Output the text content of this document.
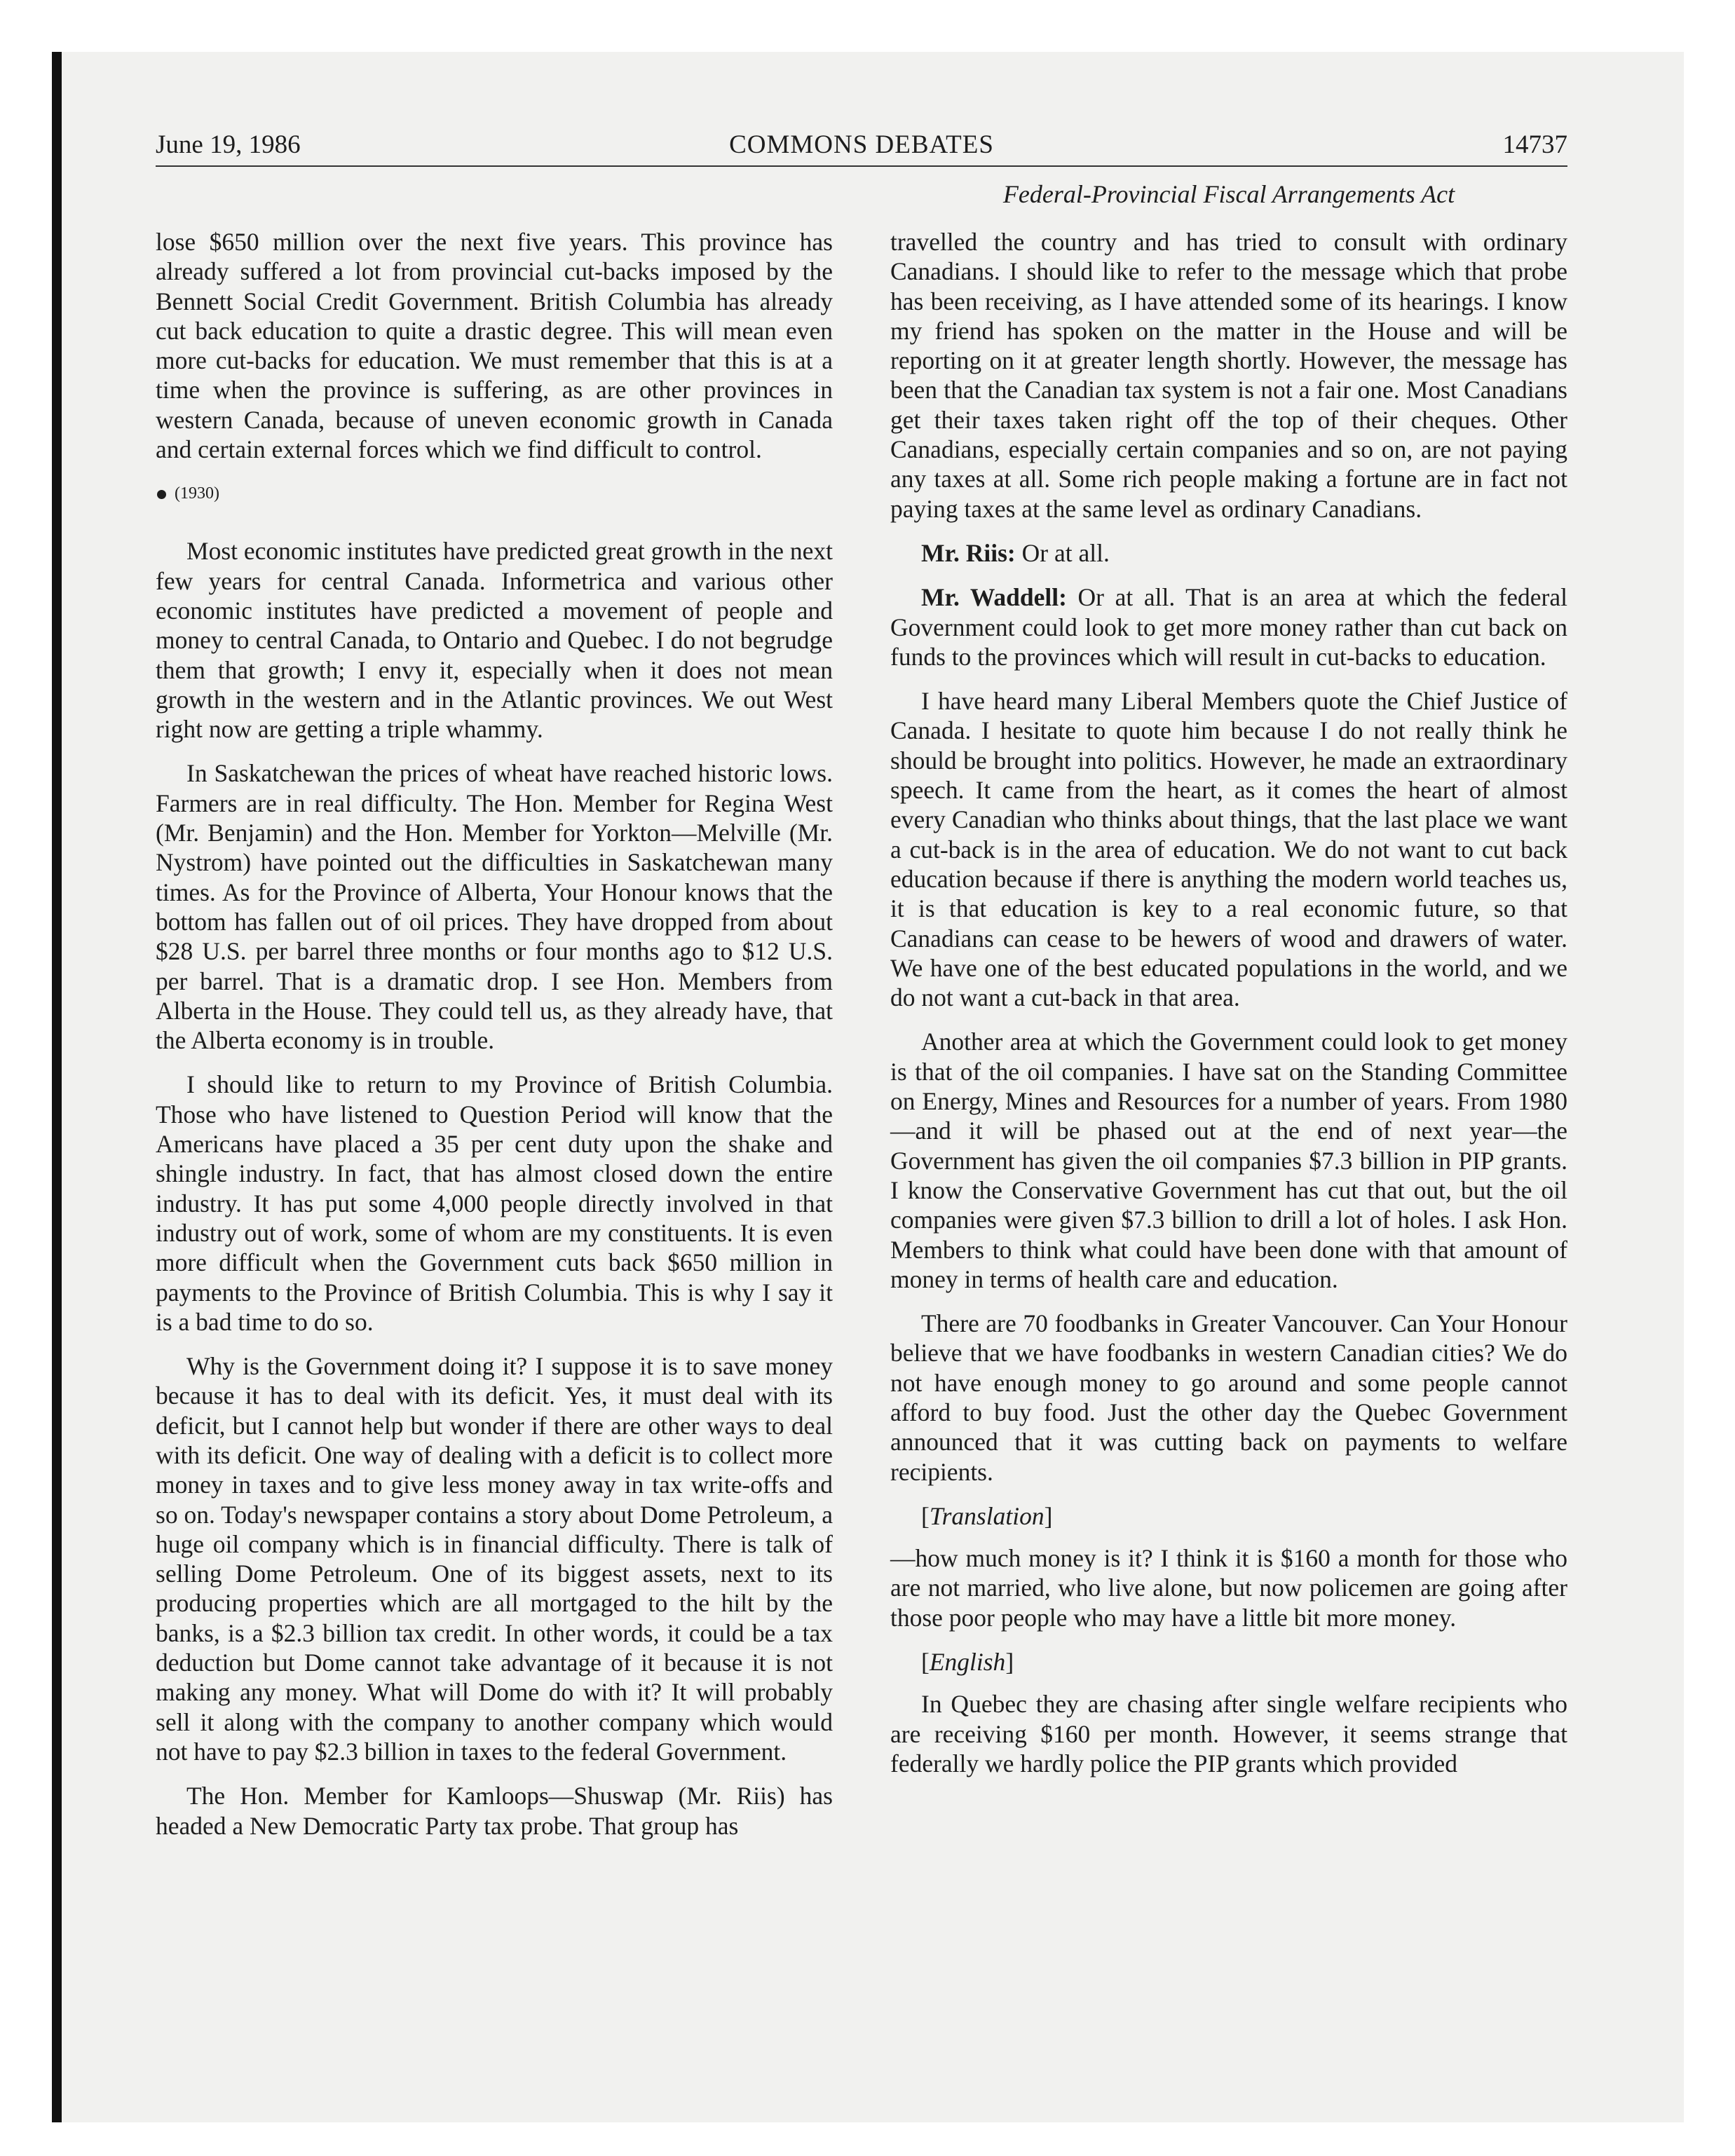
June 19, 1986	COMMONS DEBATES	14737
Federal-Provincial Fiscal Arrangements Act

lose $650 million over the next five years. This province has already suffered a lot from provincial cut-backs imposed by the Bennett Social Credit Government. British Columbia has already cut back education to quite a drastic degree. This will mean even more cut-backs for education. We must remember that this is at a time when the province is suffering, as are other provinces in western Canada, because of uneven economic growth in Canada and certain external forces which we find difficult to control.

(1930)

Most economic institutes have predicted great growth in the next few years for central Canada. Informetrica and various other economic institutes have predicted a movement of people and money to central Canada, to Ontario and Quebec. I do not begrudge them that growth; I envy it, especially when it does not mean growth in the western and in the Atlantic provinces. We out West right now are getting a triple whammy.

In Saskatchewan the prices of wheat have reached historic lows. Farmers are in real difficulty. The Hon. Member for Regina West (Mr. Benjamin) and the Hon. Member for Yorkton—Melville (Mr. Nystrom) have pointed out the difficulties in Saskatchewan many times. As for the Province of Alberta, Your Honour knows that the bottom has fallen out of oil prices. They have dropped from about $28 U.S. per barrel three months or four months ago to $12 U.S. per barrel. That is a dramatic drop. I see Hon. Members from Alberta in the House. They could tell us, as they already have, that the Alberta economy is in trouble.

I should like to return to my Province of British Columbia. Those who have listened to Question Period will know that the Americans have placed a 35 per cent duty upon the shake and shingle industry. In fact, that has almost closed down the entire industry. It has put some 4,000 people directly involved in that industry out of work, some of whom are my constituents. It is even more difficult when the Government cuts back $650 million in payments to the Province of British Columbia. This is why I say it is a bad time to do so.

Why is the Government doing it? I suppose it is to save money because it has to deal with its deficit. Yes, it must deal with its deficit, but I cannot help but wonder if there are other ways to deal with its deficit. One way of dealing with a deficit is to collect more money in taxes and to give less money away in tax write-offs and so on. Today's newspaper contains a story about Dome Petroleum, a huge oil company which is in financial difficulty. There is talk of selling Dome Petroleum. One of its biggest assets, next to its producing properties which are all mortgaged to the hilt by the banks, is a $2.3 billion tax credit. In other words, it could be a tax deduction but Dome cannot take advantage of it because it is not making any money. What will Dome do with it? It will probably sell it along with the company to another company which would not have to pay $2.3 billion in taxes to the federal Government.

The Hon. Member for Kamloops—Shuswap (Mr. Riis) has headed a New Democratic Party tax probe. That group has

travelled the country and has tried to consult with ordinary Canadians. I should like to refer to the message which that probe has been receiving, as I have attended some of its hearings. I know my friend has spoken on the matter in the House and will be reporting on it at greater length shortly. However, the message has been that the Canadian tax system is not a fair one. Most Canadians get their taxes taken right off the top of their cheques. Other Canadians, especially certain companies and so on, are not paying any taxes at all. Some rich people making a fortune are in fact not paying taxes at the same level as ordinary Canadians.

Mr. Riis: Or at all.

Mr. Waddell: Or at all. That is an area at which the federal Government could look to get more money rather than cut back on funds to the provinces which will result in cut-backs to education.

I have heard many Liberal Members quote the Chief Justice of Canada. I hesitate to quote him because I do not really think he should be brought into politics. However, he made an extraordinary speech. It came from the heart, as it comes the heart of almost every Canadian who thinks about things, that the last place we want a cut-back is in the area of education. We do not want to cut back education because if there is anything the modern world teaches us, it is that education is key to a real economic future, so that Canadians can cease to be hewers of wood and drawers of water. We have one of the best educated populations in the world, and we do not want a cut-back in that area.

Another area at which the Government could look to get money is that of the oil companies. I have sat on the Standing Committee on Energy, Mines and Resources for a number of years. From 1980—and it will be phased out at the end of next year—the Government has given the oil companies $7.3 billion in PIP grants. I know the Conservative Government has cut that out, but the oil companies were given $7.3 billion to drill a lot of holes. I ask Hon. Members to think what could have been done with that amount of money in terms of health care and education.

There are 70 foodbanks in Greater Vancouver. Can Your Honour believe that we have foodbanks in western Canadian cities? We do not have enough money to go around and some people cannot afford to buy food. Just the other day the Quebec Government announced that it was cutting back on payments to welfare recipients.

[Translation]

—how much money is it? I think it is $160 a month for those who are not married, who live alone, but now policemen are going after those poor people who may have a little bit more money.

[English]

In Quebec they are chasing after single welfare recipients who are receiving $160 per month. However, it seems strange that federally we hardly police the PIP grants which provided
